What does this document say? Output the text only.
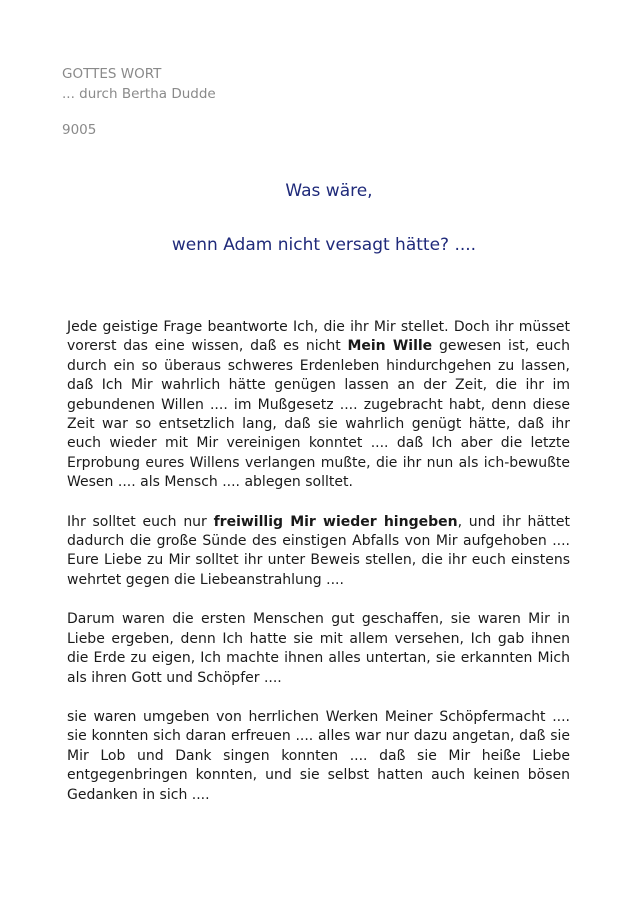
GOTTES WORT
... durch Bertha Dudde
9005
Was wäre,
wenn Adam nicht versagt hätte? ....

Jede geistige Frage beantworte Ich, die ihr Mir stellet. Doch ihr müsset vorerst das eine wissen, daß es nicht Mein Wille gewesen ist, euch durch ein so überaus schweres Erdenleben hindurchgehen zu lassen, daß Ich Mir wahrlich hätte genügen lassen an der Zeit, die ihr im gebundenen Willen .... im Mußgesetz .... zugebracht habt, denn diese Zeit war so entsetzlich lang, daß sie wahrlich genügt hätte, daß ihr euch wieder mit Mir vereinigen konntet .... daß Ich aber die letzte Erprobung eures Willens verlangen mußte, die ihr nun als ich-bewußte Wesen .... als Mensch .... ablegen solltet.

Ihr solltet euch nur freiwillig Mir wieder hingeben, und ihr hättet dadurch die große Sünde des einstigen Abfalls von Mir aufgehoben .... Eure Liebe zu Mir solltet ihr unter Beweis stellen, die ihr euch einstens wehrtet gegen die Liebeanstrahlung ....

Darum waren die ersten Menschen gut geschaffen, sie waren Mir in Liebe ergeben, denn Ich hatte sie mit allem versehen, Ich gab ihnen die Erde zu eigen, Ich machte ihnen alles untertan, sie erkannten Mich als ihren Gott und Schöpfer ....

sie waren umgeben von herrlichen Werken Meiner Schöpfermacht .... sie konnten sich daran erfreuen .... alles war nur dazu angetan, daß sie Mir Lob und Dank singen konnten .... daß sie Mir heiße Liebe entgegenbringen konnten, und sie selbst hatten auch keinen bösen Gedanken in sich ....
